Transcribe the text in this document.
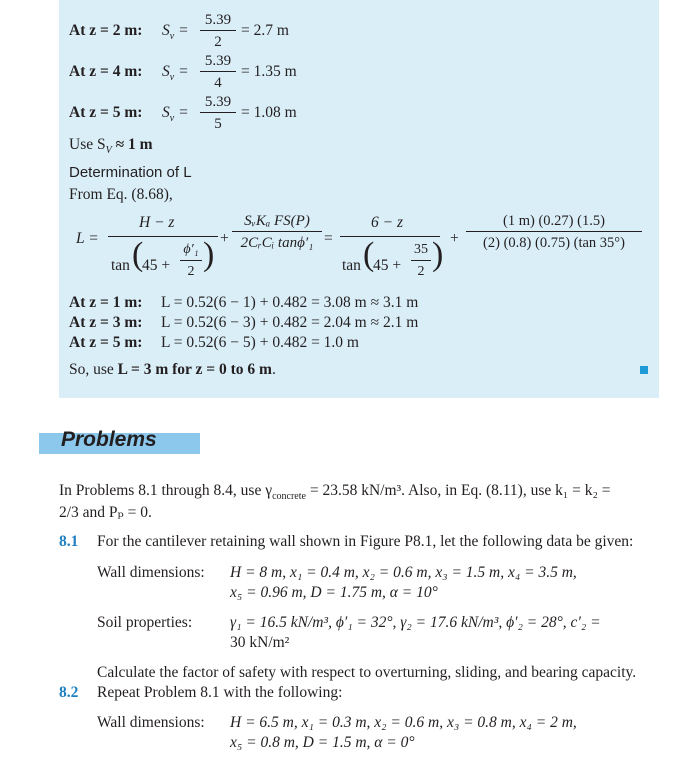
At z = 2 m: $S_v$ =
5.39
2
= 2.7 m
At z = 4 m: $S_v$ =
5.39
4
= 1.35 m
At z = 5 m: $S_v$ =
5.39
5
= 1.08 m
Use $S_V \approx 1$ m
Determination of L
From Eq. (8.68),
L =
H − z
tan (
45 +
ϕ′₁
2 ) +
SᵥKₐ FS(P)
2CᵣCᵢ tanϕ′₁ =
6 − z
tan (
45 +
35
2 ) +
(1 m) (0.27) (1.5)
(2) (0.8) (0.75) (tan 35°)
At z = 1 m: L = 0.52(6 − 1) + 0.482 = 3.08 m ≈ 3.1 m
At z = 3 m: L = 0.52(6 − 3) + 0.482 = 2.04 m ≈ 2.1 m
At z = 5 m: L = 0.52(6 − 5) + 0.482 = 1.0 m
So, use L = 3 m for z = 0 to 6 m.
Problems
In Problems 8.1 through 8.4, use $\gamma_{concrete} = 23.58$ kN/m³. Also, in Eq. (8.11), use k₁ = k₂ =
2/3 and Pₚ = 0.
8.1 For the cantilever retaining wall shown in Figure P8.1, let the following data be given:
Wall dimensions: H = 8 m, x₁ = 0.4 m, x₂ = 0.6 m, x₃ = 1.5 m, x₄ = 3.5 m,
x₅ = 0.96 m, D = 1.75 m, α = 10°
Soil properties: γ₁ = 16.5 kN/m³, ϕ′₁ = 32°, γ₂ = 17.6 kN/m³, ϕ′₂ = 28°, c′₂ =
30 kN/m²
Calculate the factor of safety with respect to overturning, sliding, and bearing capacity.
8.2 Repeat Problem 8.1 with the following:
Wall dimensions: H = 6.5 m, x₁ = 0.3 m, x₂ = 0.6 m, x₃ = 0.8 m, x₄ = 2 m,
x₅ = 0.8 m, D = 1.5 m, α = 0°
